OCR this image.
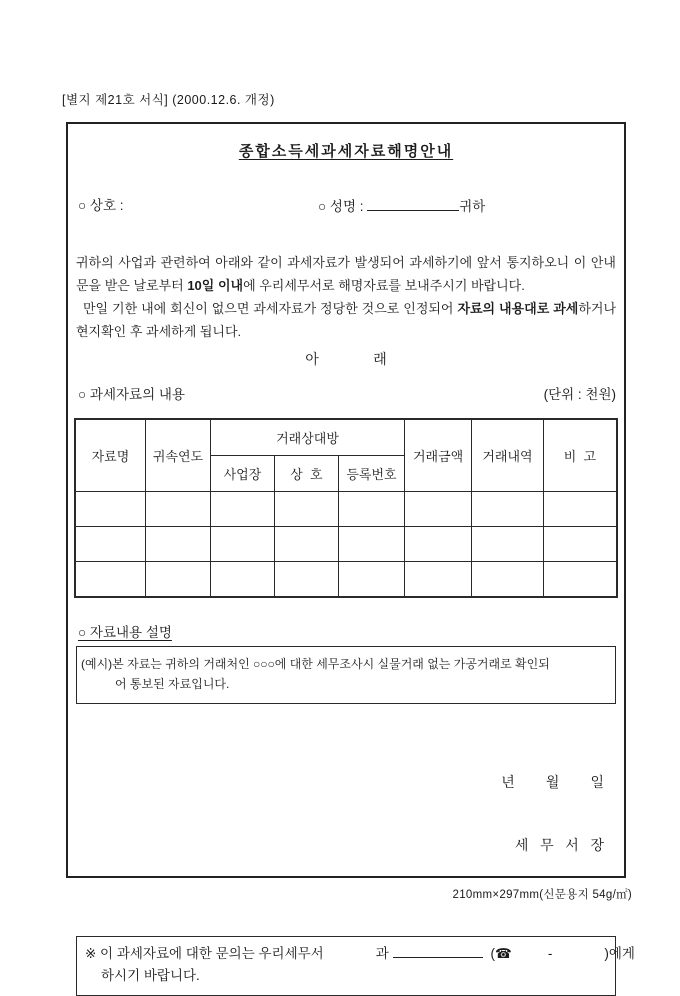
[별지 제21호 서식] (2000.12.6. 개정)
종합소득세과세자료해명안내
○ 상호 :	○ 성명 :	귀하
귀하의 사업과 관련하여 아래와 같이 과세자료가 발생되어 과세하기에 앞서 통지하오니 이 안내문을 받은 날로부터 10일 이내에 우리세무서로 해명자료를 보내주시기 바랍니다.
만일 기한 내에 회신이 없으면 과세자료가 정당한 것으로 인정되어 자료의 내용대로 과세하거나 현지확인 후 과세하게 됩니다.
아              래
○ 과세자료의 내용	(단위 : 천원)
자료명	귀속연도	거래상대방			거래금액	거래내역	비  고
		사업장	상  호	등록번호			

○ 자료내용 설명
(예시)본 자료는 귀하의 거래처인 ○○○에 대한 세무조사시 실물거래 없는 가공거래로 확인되
어 통보된 자료입니다.

년        월        일

세   무   서   장

※ 이 과세자료에 대한 문의는 우리세무서	과	(☎	-	)에게
하시기 바랍니다.
210mm×297mm(신문용지 54g/㎡)
